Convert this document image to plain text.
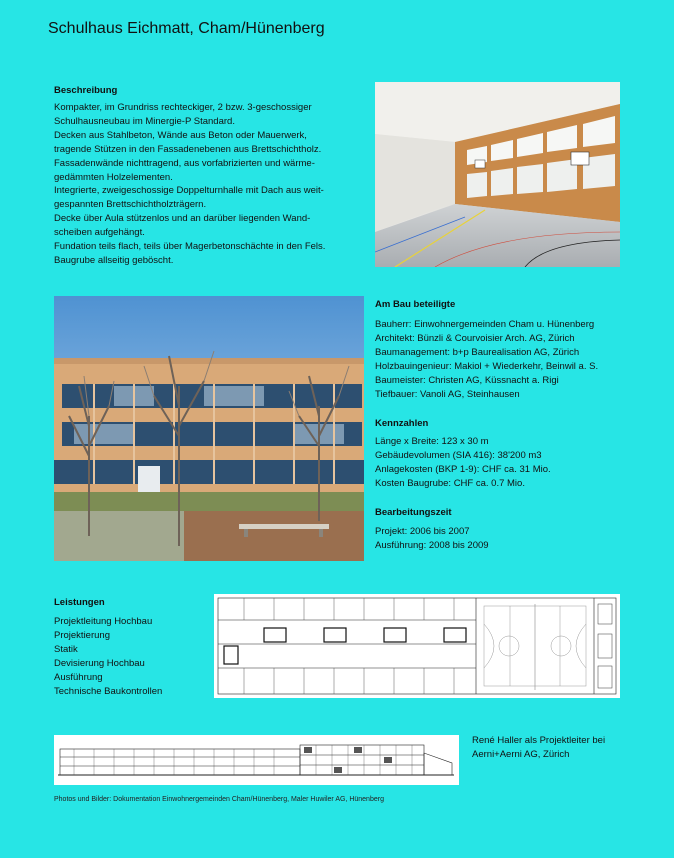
Schulhaus Eichmatt, Cham/Hünenberg
Beschreibung
Kompakter, im Grundriss rechteckiger, 2 bzw. 3-geschossiger
Schulhausneubau im Minergie-P Standard.
Decken aus Stahlbeton, Wände aus Beton oder Mauerwerk,
tragende Stützen in den Fassadenebenen aus Brettschichtholz.
Fassadenwände nichttragend, aus vorfabrizierten und wärme-
gedämmten Holzelementen.
Integrierte, zweigeschossige Doppelturnhalle mit Dach aus weit-
gespannten Brettschichtholzträgern.
Decke über Aula stützenlos und an darüber liegenden Wand-
scheiben aufgehängt.
Fundation teils flach, teils über Magerbetonschächte in den Fels.
Baugrube allseitig geböscht.
Am Bau beteiligte
Bauherr: Einwohnergemeinden Cham u. Hünenberg
Architekt: Bünzli & Courvoisier Arch. AG, Zürich
Baumanagement: b+p Baurealisation AG, Zürich
Holzbauingenieur: Makiol + Wiederkehr, Beinwil a. S.
Baumeister: Christen AG, Küssnacht a. Rigi
Tiefbauer: Vanoli AG, Steinhausen
Kennzahlen
Länge x Breite: 123 x 30 m
Gebäudevolumen (SIA 416): 38'200 m3
Anlagekosten (BKP 1-9): CHF ca. 31 Mio.
Kosten Baugrube: CHF ca. 0.7 Mio.
Bearbeitungszeit
Projekt: 2006 bis 2007
Ausführung: 2008 bis 2009
Leistungen
Projektleitung Hochbau
Projektierung
Statik
Devisierung Hochbau
Ausführung
Technische Baukontrollen
René Haller als Projektleiter bei
Aerni+Aerni AG, Zürich
Photos und Bilder: Dokumentation Einwohnergemeinden Cham/Hünenberg, Maler Huwiler AG, Hünenberg
